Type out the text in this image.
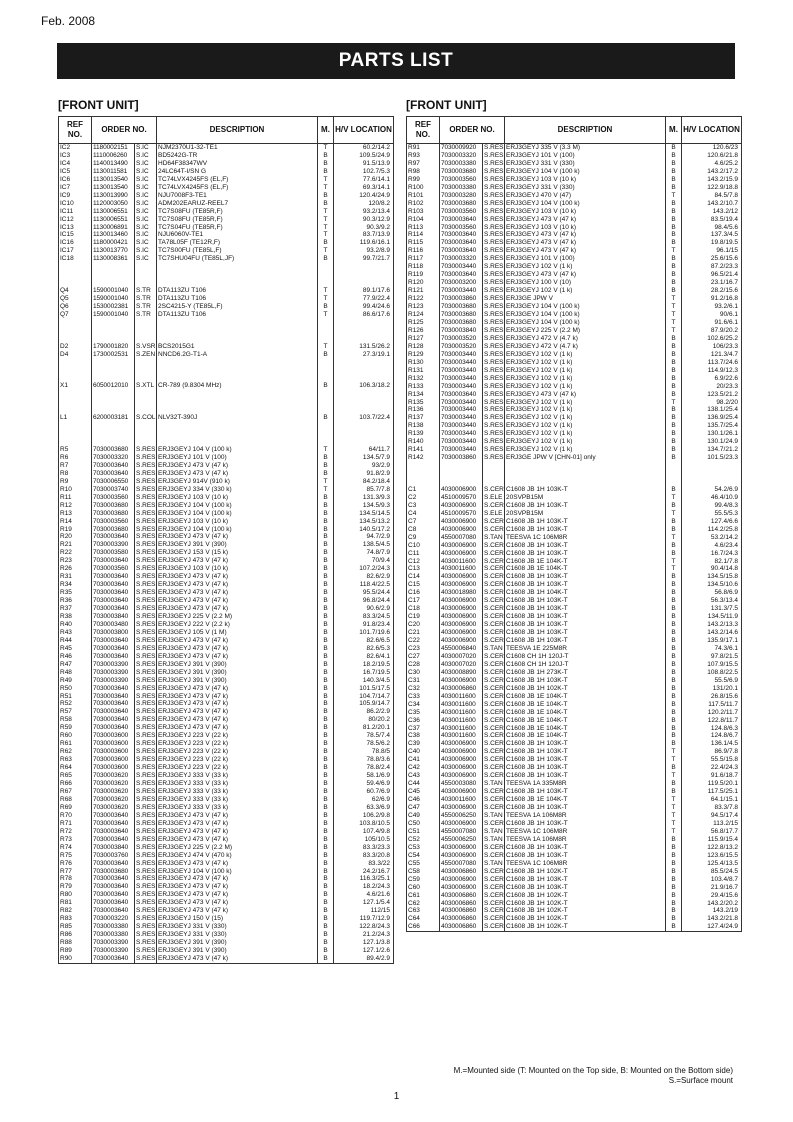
Feb. 2008
PARTS LIST
[FRONT UNIT]
REF NO.	ORDER NO.		DESCRIPTION	M.	H/V LOCATION
IC2	1180002151	S.IC	NJM2370U1-32-TE1	T	60.2/14.2
IC3	1110006260	S.IC	BD5242G-TR	B	109.5/24.9
IC4	1140013490	S.IC	HD64F38347WV	B	91.5/13.9
IC5	1130011581	S.IC	24LC64T-I/SN G	B	102.7/5.3
IC6	1130013540	S.IC	TC74LVX4245FS (EL,F)	T	77.6/14.1
IC7	1130013540	S.IC	TC74LVX4245FS (EL,F)	T	69.3/14.1
IC9	1130013990	S.IC	NJU7008F3-TE1	B	120.4/24.9
IC10	1120003050	S.IC	ADM202EARUZ-REEL7	B	120/8.2
IC11	1130006551	S.IC	TC7S08FU (TE85R,F)	T	93.2/13.4
IC12	1130006551	S.IC	TC7S08FU (TE85R,F)	T	90.3/12.9
IC13	1130006891	S.IC	TC7S04FU (TE85R,F)	T	90.3/9.2
IC15	1130013460	S.IC	NJU6060V-TE1	T	83.7/13.9
IC16	1180000421	S.IC	TA78L05F (TE12R,F)	B	119.6/16.1
IC17	1130013770	S.IC	TC7S00FU (TE85L,F)	T	93.2/8.9
IC18	1130008361	S.IC	TC7SHU04FU (TE85L,JF)	B	99.7/21.7

Q4	1590001040	S.TR	DTA113ZU T106	T	89.1/17.6
Q5	1590001040	S.TR	DTA113ZU T106	T	77.9/22.4
Q6	1530002381	S.TR	2SC4215-Y (TE85L,F)	B	99.4/24.6
Q7	1590001040	S.TR	DTA113ZU T106	T	86.6/17.6

D2	1790001820	S.VSR	BCS2015G1	T	131.5/26.2
D4	1730002531	S.ZEN	NNCD6.2G-T1-A	B	27.3/19.1

X1	6050012010	S.XTL	CR-789 (9.8304 MHz)	B	106.3/18.2

L1	6200003181	S.COL	NLV32T-390J	B	103.7/22.4

R5	7030003680	S.RES	ERJ3GEYJ 104 V (100 k)	T	64/11.7
R6	7030003320	S.RES	ERJ3GEYJ 101 V (100)	B	134.5/7.9
R7	7030003640	S.RES	ERJ3GEYJ 473 V (47 k)	B	93/2.9
R8	7030003640	S.RES	ERJ3GEYJ 473 V (47 k)	B	91.8/2.9
R9	7030006550	S.RES	ERJ3GEYJ 914V (910 k)	T	84.2/18.4
R10	7030003740	S.RES	ERJ3GEYJ 334 V (330 k)	T	85.7/7.8
R11	7030003560	S.RES	ERJ3GEYJ 103 V (10 k)	B	131.3/9.3
R12	7030003680	S.RES	ERJ3GEYJ 104 V (100 k)	B	134.5/9.3
R13	7030003680	S.RES	ERJ3GEYJ 104 V (100 k)	B	134.5/14.5
R14	7030003560	S.RES	ERJ3GEYJ 103 V (10 k)	B	134.5/13.2
R19	7030003680	S.RES	ERJ3GEYJ 104 V (100 k)	B	140.5/17.2
R20	7030003640	S.RES	ERJ3GEYJ 473 V (47 k)	B	94.7/2.9
R21	7030003390	S.RES	ERJ3GEYJ 391 V (390)	B	138.5/4.5
R22	7030003580	S.RES	ERJ3GEYJ 153 V (15 k)	B	74.8/7.9
R23	7030003640	S.RES	ERJ3GEYJ 473 V (47 k)	B	70/9.4
R26	7030003560	S.RES	ERJ3GEYJ 103 V (10 k)	B	107.2/24.3
R31	7030003640	S.RES	ERJ3GEYJ 473 V (47 k)	B	82.6/2.9
R34	7030003640	S.RES	ERJ3GEYJ 473 V (47 k)	B	118.4/22.5
R35	7030003640	S.RES	ERJ3GEYJ 473 V (47 k)	B	95.5/24.4
R36	7030003640	S.RES	ERJ3GEYJ 473 V (47 k)	B	96.8/24.4
R37	7030003640	S.RES	ERJ3GEYJ 473 V (47 k)	B	90.6/2.9
R38	7030003840	S.RES	ERJ3GEYJ 225 V (2.2 M)	B	83.3/24.5
R40	7030003480	S.RES	ERJ3GEYJ 222 V (2.2 k)	B	91.8/23.4
R43	7030003800	S.RES	ERJ3GEYJ 105 V (1 M)	B	101.7/19.6
R44	7030003640	S.RES	ERJ3GEYJ 473 V (47 k)	B	82.6/6.5
R45	7030003640	S.RES	ERJ3GEYJ 473 V (47 k)	B	82.6/5.3
R46	7030003640	S.RES	ERJ3GEYJ 473 V (47 k)	B	82.6/4.1
R47	7030003390	S.RES	ERJ3GEYJ 391 V (390)	B	18.2/19.5
R48	7030003390	S.RES	ERJ3GEYJ 391 V (390)	B	16.7/19.5
R49	7030003390	S.RES	ERJ3GEYJ 391 V (390)	B	140.3/4.5
R50	7030003640	S.RES	ERJ3GEYJ 473 V (47 k)	B	101.5/17.5
R51	7030003640	S.RES	ERJ3GEYJ 473 V (47 k)	B	104.7/14.7
R52	7030003640	S.RES	ERJ3GEYJ 473 V (47 k)	B	105.9/14.7
R57	7030003640	S.RES	ERJ3GEYJ 473 V (47 k)	B	86.2/2.9
R58	7030003640	S.RES	ERJ3GEYJ 473 V (47 k)	B	80/20.2
R59	7030003640	S.RES	ERJ3GEYJ 473 V (47 k)	B	81.2/20.1
R60	7030003600	S.RES	ERJ3GEYJ 223 V (22 k)	B	78.5/7.4
R61	7030003600	S.RES	ERJ3GEYJ 223 V (22 k)	B	78.5/6.2
R62	7030003600	S.RES	ERJ3GEYJ 223 V (22 k)	B	78.8/5
R63	7030003600	S.RES	ERJ3GEYJ 223 V (22 k)	B	78.8/3.6
R64	7030003600	S.RES	ERJ3GEYJ 223 V (22 k)	B	78.8/2.4
R65	7030003620	S.RES	ERJ3GEYJ 333 V (33 k)	B	58.1/6.9
R66	7030003620	S.RES	ERJ3GEYJ 333 V (33 k)	B	59.4/6.9
R67	7030003620	S.RES	ERJ3GEYJ 333 V (33 k)	B	60.7/6.9
R68	7030003620	S.RES	ERJ3GEYJ 333 V (33 k)	B	62/6.9
R69	7030003620	S.RES	ERJ3GEYJ 333 V (33 k)	B	63.3/6.9
R70	7030003640	S.RES	ERJ3GEYJ 473 V (47 k)	B	106.2/9.8
R71	7030003640	S.RES	ERJ3GEYJ 473 V (47 k)	B	103.8/10.5
R72	7030003640	S.RES	ERJ3GEYJ 473 V (47 k)	B	107.4/9.8
R73	7030003640	S.RES	ERJ3GEYJ 473 V (47 k)	B	105/10.5
R74	7030003840	S.RES	ERJ3GEYJ 225 V (2.2 M)	B	83.3/23.3
R75	7030003760	S.RES	ERJ3GEYJ 474 V (470 k)	B	83.3/20.8
R76	7030003640	S.RES	ERJ3GEYJ 473 V (47 k)	B	83.3/22
R77	7030003680	S.RES	ERJ3GEYJ 104 V (100 k)	B	24.2/16.7
R78	7030003640	S.RES	ERJ3GEYJ 473 V (47 k)	B	116.3/25.1
R79	7030003640	S.RES	ERJ3GEYJ 473 V (47 k)	B	18.2/24.3
R80	7030003640	S.RES	ERJ3GEYJ 473 V (47 k)	B	4.6/21.6
R81	7030003640	S.RES	ERJ3GEYJ 473 V (47 k)	B	127.1/5.4
R82	7030003640	S.RES	ERJ3GEYJ 473 V (47 k)	B	112/15
R83	7030003220	S.RES	ERJ3GEYJ 150 V (15)	B	119.7/12.9
R85	7030003380	S.RES	ERJ3GEYJ 331 V (330)	B	122.8/24.3
R86	7030003380	S.RES	ERJ3GEYJ 331 V (330)	B	21.2/24.3
R88	7030003390	S.RES	ERJ3GEYJ 391 V (390)	B	127.1/3.8
R89	7030003390	S.RES	ERJ3GEYJ 391 V (390)	B	127.1/2.6
R90	7030003640	S.RES	ERJ3GEYJ 473 V (47 k)	B	89.4/2.9
[FRONT UNIT]
REF NO.	ORDER NO.		DESCRIPTION	M.	H/V LOCATION
R91	7030009920	S.RES	ERJ3GEYJ 335 V (3.3 M)	B	120.6/23
R93	7030003320	S.RES	ERJ3GEYJ 101 V (100)	B	120.6/21.8
R97	7030003380	S.RES	ERJ3GEYJ 331 V (330)	B	4.6/25.2
R98	7030003680	S.RES	ERJ3GEYJ 104 V (100 k)	B	143.2/17.2
R99	7030003560	S.RES	ERJ3GEYJ 103 V (10 k)	B	143.2/15.9
R100	7030003380	S.RES	ERJ3GEYJ 331 V (330)	B	122.9/18.8
R101	7030003280	S.RES	ERJ3GEYJ 470 V (47)	T	84.5/7.8
R102	7030003680	S.RES	ERJ3GEYJ 104 V (100 k)	B	143.2/10.7
R103	7030003560	S.RES	ERJ3GEYJ 103 V (10 k)	B	143.2/12
R104	7030003640	S.RES	ERJ3GEYJ 473 V (47 k)	B	83.5/19.4
R113	7030003560	S.RES	ERJ3GEYJ 103 V (10 k)	B	98.4/5.6
R114	7030003640	S.RES	ERJ3GEYJ 473 V (47 k)	B	137.3/4.5
R115	7030003640	S.RES	ERJ3GEYJ 473 V (47 k)	B	19.8/19.5
R116	7030003640	S.RES	ERJ3GEYJ 473 V (47 k)	T	96.1/15
R117	7030003320	S.RES	ERJ3GEYJ 101 V (100)	B	25.6/15.6
R118	7030003440	S.RES	ERJ3GEYJ 102 V (1 k)	B	87.2/23.3
R119	7030003640	S.RES	ERJ3GEYJ 473 V (47 k)	B	96.5/21.4
R120	7030003200	S.RES	ERJ3GEYJ 100 V (10)	B	23.1/16.7
R121	7030003440	S.RES	ERJ3GEYJ 102 V (1 k)	B	28.2/15.6
R122	7030003860	S.RES	ERJ3GE JPW V	T	91.2/16.8
R123	7030003680	S.RES	ERJ3GEYJ 104 V (100 k)	T	93.2/6.1
R124	7030003680	S.RES	ERJ3GEYJ 104 V (100 k)	T	90/6.1
R125	7030003680	S.RES	ERJ3GEYJ 104 V (100 k)	T	91.6/6.1
R126	7030003840	S.RES	ERJ3GEYJ 225 V (2.2 M)	T	87.9/20.2
R127	7030003520	S.RES	ERJ3GEYJ 472 V (4.7 k)	B	102.6/25.2
R128	7030003520	S.RES	ERJ3GEYJ 472 V (4.7 k)	B	106/23.3
R129	7030003440	S.RES	ERJ3GEYJ 102 V (1 k)	B	121.3/4.7
R130	7030003440	S.RES	ERJ3GEYJ 102 V (1 k)	B	113.7/24.6
R131	7030003440	S.RES	ERJ3GEYJ 102 V (1 k)	B	114.9/12.3
R132	7030003440	S.RES	ERJ3GEYJ 102 V (1 k)	B	6.9/22.6
R133	7030003440	S.RES	ERJ3GEYJ 102 V (1 k)	B	20/23.3
R134	7030003640	S.RES	ERJ3GEYJ 473 V (47 k)	B	123.5/21.2
R135	7030003440	S.RES	ERJ3GEYJ 102 V (1 k)	T	98.2/20
R136	7030003440	S.RES	ERJ3GEYJ 102 V (1 k)	B	138.1/25.4
R137	7030003440	S.RES	ERJ3GEYJ 102 V (1 k)	B	136.9/25.4
R138	7030003440	S.RES	ERJ3GEYJ 102 V (1 k)	B	135.7/25.4
R139	7030003440	S.RES	ERJ3GEYJ 102 V (1 k)	B	130.1/26.1
R140	7030003440	S.RES	ERJ3GEYJ 102 V (1 k)	B	130.1/24.9
R141	7030003440	S.RES	ERJ3GEYJ 102 V (1 k)	B	134.7/21.2
R142	7030003860	S.RES	ERJ3GE JPW V [CHN-01] only	B	101.5/23.3

C1	4030006900	S.CER	C1608 JB 1H 103K-T	B	54.2/6.9
C2	4510009570	S.ELE	20SVPB15M	T	46.4/10.9
C3	4030006900	S.CER	C1608 JB 1H 103K-T	B	99.4/8.3
C4	4510009570	S.ELE	20SVPB15M	T	55.5/5.3
C7	4030006900	S.CER	C1608 JB 1H 103K-T	B	127.4/6.6
C8	4030006900	S.CER	C1608 JB 1H 103K-T	B	114.2/25.8
C9	4550007080	S.TAN	TEESVA 1C 106M8R	T	53.2/14.2
C10	4030006900	S.CER	C1608 JB 1H 103K-T	B	4.6/23.4
C11	4030006900	S.CER	C1608 JB 1H 103K-T	B	16.7/24.3
C12	4030011600	S.CER	C1608 JB 1E 104K-T	T	82.1/7.8
C13	4030011600	S.CER	C1608 JB 1E 104K-T	T	90.4/14.8
C14	4030006900	S.CER	C1608 JB 1H 103K-T	B	134.5/15.8
C15	4030006900	S.CER	C1608 JB 1H 103K-T	B	134.5/10.6
C16	4030018980	S.CER	C1608 JB 1H 104K-T	B	56.8/6.9
C17	4030006900	S.CER	C1608 JB 1H 103K-T	B	56.3/13.4
C18	4030006900	S.CER	C1608 JB 1H 103K-T	B	131.3/7.5
C19	4030006900	S.CER	C1608 JB 1H 103K-T	B	134.5/11.9
C20	4030006900	S.CER	C1608 JB 1H 103K-T	B	143.2/13.3
C21	4030006900	S.CER	C1608 JB 1H 103K-T	B	143.2/14.6
C22	4030006900	S.CER	C1608 JB 1H 103K-T	B	135.9/17.1
C23	4550006840	S.TAN	TEESVA 1E 225M8R	B	74.3/6.1
C27	4030007020	S.CER	C1608 CH 1H 120J-T	B	97.8/21.5
C28	4030007020	S.CER	C1608 CH 1H 120J-T	B	107.9/15.5
C30	4030008890	S.CER	C1608 JB 1H 273K-T	B	108.8/22.5
C31	4030006900	S.CER	C1608 JB 1H 103K-T	B	55.5/6.9
C32	4030006860	S.CER	C1608 JB 1H 102K-T	B	131/20.1
C33	4030011600	S.CER	C1608 JB 1E 104K-T	B	26.8/15.6
C34	4030011600	S.CER	C1608 JB 1E 104K-T	B	117.5/11.7
C35	4030011600	S.CER	C1608 JB 1E 104K-T	B	120.2/11.7
C36	4030011600	S.CER	C1608 JB 1E 104K-T	B	122.8/11.7
C37	4030011600	S.CER	C1608 JB 1E 104K-T	B	124.8/6.3
C38	4030011600	S.CER	C1608 JB 1E 104K-T	B	124.8/6.7
C39	4030006900	S.CER	C1608 JB 1H 103K-T	B	136.1/4.5
C40	4030006900	S.CER	C1608 JB 1H 103K-T	T	86.9/7.8
C41	4030006900	S.CER	C1608 JB 1H 103K-T	T	55.5/15.8
C42	4030006900	S.CER	C1608 JB 1H 103K-T	B	22.4/24.3
C43	4030006900	S.CER	C1608 JB 1H 103K-T	T	91.6/18.7
C44	4550003080	S.TAN	TEESVA 1A 335M8R	B	119.5/20.1
C45	4030006900	S.CER	C1608 JB 1H 103K-T	B	117.5/25.1
C46	4030011600	S.CER	C1608 JB 1E 104K-T	T	64.1/15.1
C47	4030006900	S.CER	C1608 JB 1H 103K-T	T	83.3/7.8
C49	4550006250	S.TAN	TEESVA 1A 106M8R	T	94.5/17.4
C50	4030006900	S.CER	C1608 JB 1H 103K-T	T	113.2/15
C51	4550007080	S.TAN	TEESVA 1C 106M8R	T	56.8/17.7
C52	4550006250	S.TAN	TEESVA 1A 106M8R	B	115.9/15.4
C53	4030006900	S.CER	C1608 JB 1H 103K-T	B	122.8/13.2
C54	4030006900	S.CER	C1608 JB 1H 103K-T	B	123.6/15.5
C55	4550007080	S.TAN	TEESVA 1C 106M8R	B	125.4/13.5
C58	4030006860	S.CER	C1608 JB 1H 102K-T	B	85.5/24.5
C59	4030006900	S.CER	C1608 JB 1H 103K-T	B	103.4/8.7
C60	4030006900	S.CER	C1608 JB 1H 103K-T	B	21.9/16.7
C61	4030006860	S.CER	C1608 JB 1H 102K-T	B	29.4/15.6
C62	4030006860	S.CER	C1608 JB 1H 102K-T	B	143.2/20.2
C63	4030006860	S.CER	C1608 JB 1H 102K-T	B	143.2/19
C64	4030006860	S.CER	C1608 JB 1H 102K-T	B	143.2/21.8
C66	4030006860	S.CER	C1608 JB 1H 102K-T	B	127.4/24.9
M.=Mounted side (T: Mounted on the Top side, B: Mounted on the Bottom side)
S.=Surface mount
1
